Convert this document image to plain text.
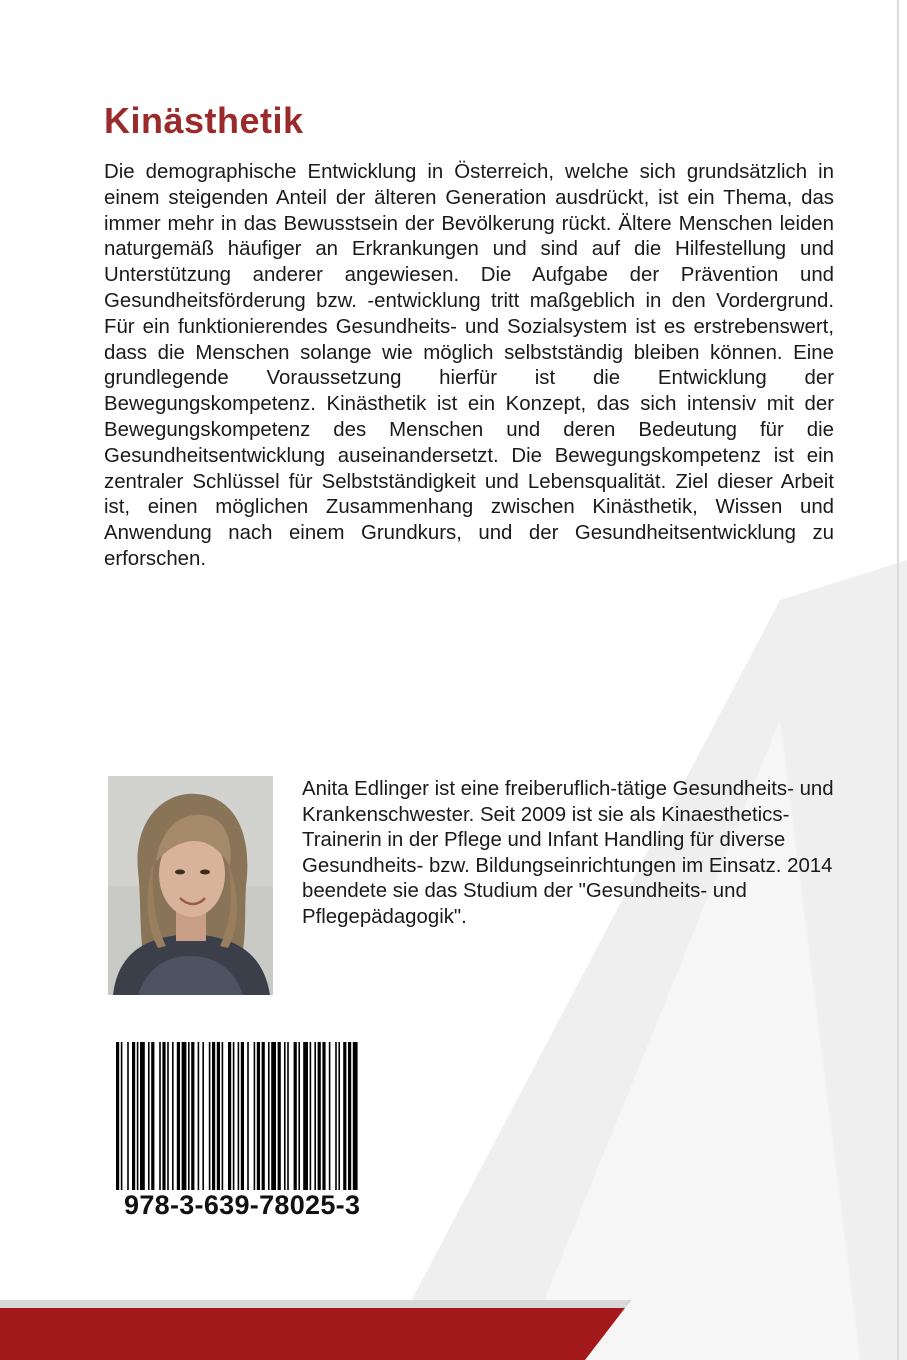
Kinästhetik

Die demographische Entwicklung in Österreich, welche sich grundsätzlich in einem steigenden Anteil der älteren Generation ausdrückt, ist ein Thema, das immer mehr in das Bewusstsein der Bevölkerung rückt. Ältere Menschen leiden naturgemäß häufiger an Erkrankungen und sind auf die Hilfestellung und Unterstützung anderer angewiesen. Die Aufgabe der Prävention und Gesundheitsförderung bzw. -entwicklung tritt maßgeblich in den Vordergrund. Für ein funktionierendes Gesundheits- und Sozialsystem ist es erstrebenswert, dass die Menschen solange wie möglich selbstständig bleiben können. Eine grundlegende Voraussetzung hierfür ist die Entwicklung der Bewegungskompetenz. Kinästhetik ist ein Konzept, das sich intensiv mit der Bewegungskompetenz des Menschen und deren Bedeutung für die Gesundheitsentwicklung auseinandersetzt. Die Bewegungskompetenz ist ein zentraler Schlüssel für Selbstständigkeit und Lebensqualität. Ziel dieser Arbeit ist, einen möglichen Zusammenhang zwischen Kinästhetik, Wissen und Anwendung nach einem Grundkurs, und der Gesundheitsentwicklung zu erforschen.

Anita Edlinger ist eine freiberuflich-tätige Gesundheits- und Krankenschwester. Seit 2009 ist sie als Kinaesthetics-Trainerin in der Pflege und Infant Handling für diverse Gesundheits- bzw. Bildungseinrichtungen im Einsatz. 2014 beendete sie das Studium der "Gesundheits- und Pflegepädagogik".

978-3-639-78025-3
